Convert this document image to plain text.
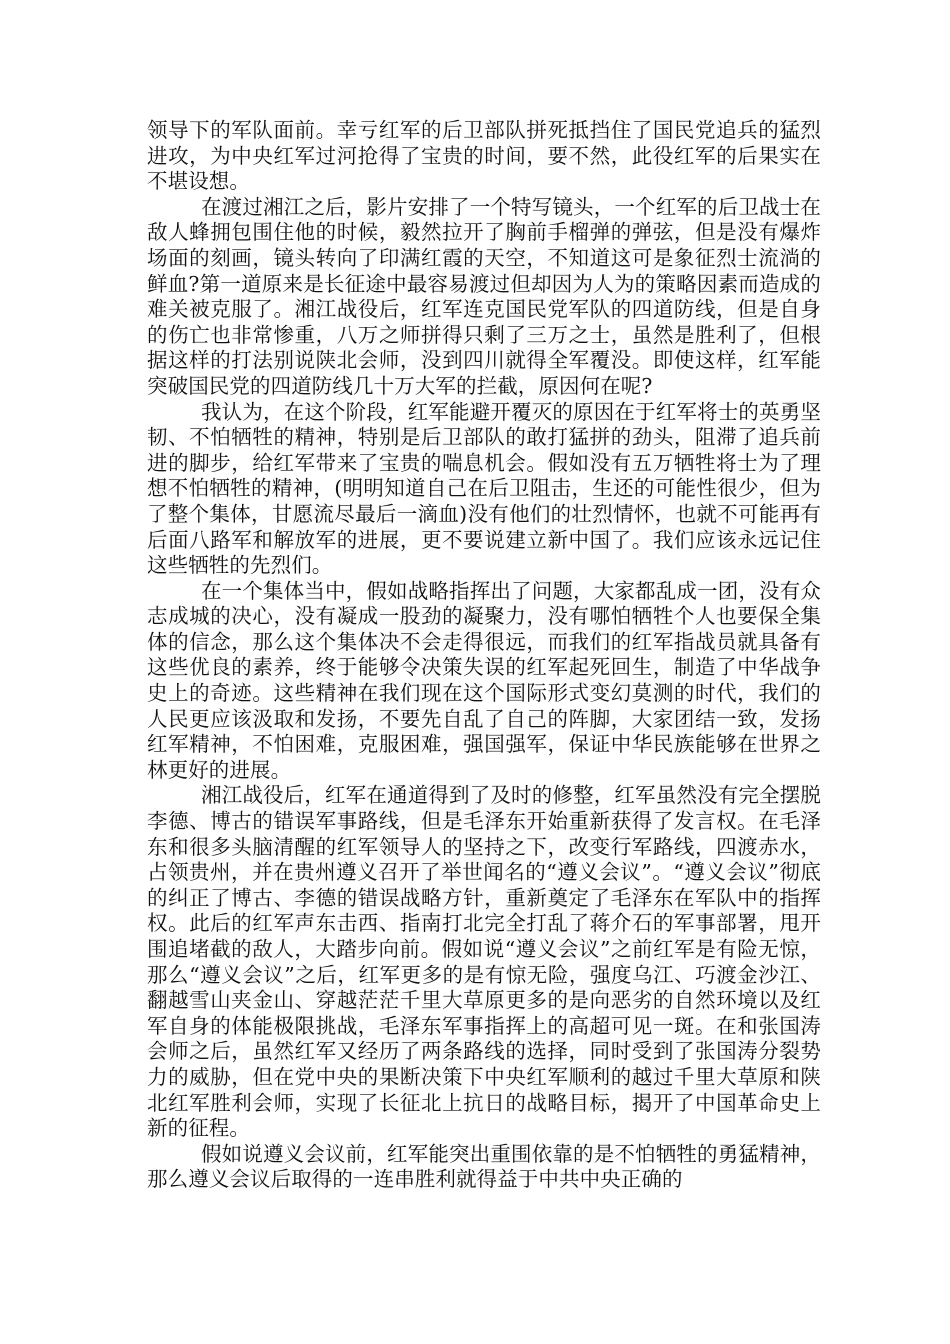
领导下的军队面前。幸亏红军的后卫部队拼死抵挡住了国民党追兵的猛烈进攻，为中央红军过河抢得了宝贵的时间，要不然，此役红军的后果实在不堪设想。

在渡过湘江之后，影片安排了一个特写镜头，一个红军的后卫战士在敌人蜂拥包围住他的时候，毅然拉开了胸前手榴弹的弹弦，但是没有爆炸场面的刻画，镜头转向了印满红霞的天空，不知道这可是象征烈士流淌的鲜血?第一道原来是长征途中最容易渡过但却因为人为的策略因素而造成的难关被克服了。湘江战役后，红军连克国民党军队的四道防线，但是自身的伤亡也非常惨重，八万之师拼得只剩了三万之士，虽然是胜利了，但根据这样的打法别说陕北会师，没到四川就得全军覆没。即使这样，红军能突破国民党的四道防线几十万大军的拦截，原因何在呢?

我认为，在这个阶段，红军能避开覆灭的原因在于红军将士的英勇坚韧、不怕牺牲的精神，特别是后卫部队的敢打猛拼的劲头，阻滞了追兵前进的脚步，给红军带来了宝贵的喘息机会。假如没有五万牺牲将士为了理想不怕牺牲的精神，(明明知道自己在后卫阻击，生还的可能性很少，但为了整个集体，甘愿流尽最后一滴血)没有他们的壮烈情怀，也就不可能再有后面八路军和解放军的进展，更不要说建立新中国了。我们应该永远记住这些牺牲的先烈们。

在一个集体当中，假如战略指挥出了问题，大家都乱成一团，没有众志成城的决心，没有凝成一股劲的凝聚力，没有哪怕牺牲个人也要保全集体的信念，那么这个集体决不会走得很远，而我们的红军指战员就具备有这些优良的素养，终于能够令决策失误的红军起死回生，制造了中华战争史上的奇迹。这些精神在我们现在这个国际形式变幻莫测的时代，我们的人民更应该汲取和发扬，不要先自乱了自己的阵脚，大家团结一致，发扬红军精神，不怕困难，克服困难，强国强军，保证中华民族能够在世界之林更好的进展。

湘江战役后，红军在通道得到了及时的修整，红军虽然没有完全摆脱李德、博古的错误军事路线，但是毛泽东开始重新获得了发言权。在毛泽东和很多头脑清醒的红军领导人的坚持之下，改变行军路线，四渡赤水，占领贵州，并在贵州遵义召开了举世闻名的“遵义会议”。“遵义会议”彻底的纠正了博古、李德的错误战略方针，重新奠定了毛泽东在军队中的指挥权。此后的红军声东击西、指南打北完全打乱了蒋介石的军事部署，甩开围追堵截的敌人，大踏步向前。假如说“遵义会议”之前红军是有险无惊，那么“遵义会议”之后，红军更多的是有惊无险，强度乌江、巧渡金沙江、翻越雪山夹金山、穿越茫茫千里大草原更多的是向恶劣的自然环境以及红军自身的体能极限挑战，毛泽东军事指挥上的高超可见一斑。在和张国涛会师之后，虽然红军又经历了两条路线的选择，同时受到了张国涛分裂势力的威胁，但在党中央的果断决策下中央红军顺利的越过千里大草原和陕北红军胜利会师，实现了长征北上抗日的战略目标，揭开了中国革命史上新的征程。

假如说遵义会议前，红军能突出重围依靠的是不怕牺牲的勇猛精神，那么遵义会议后取得的一连串胜利就得益于中共中央正确的
